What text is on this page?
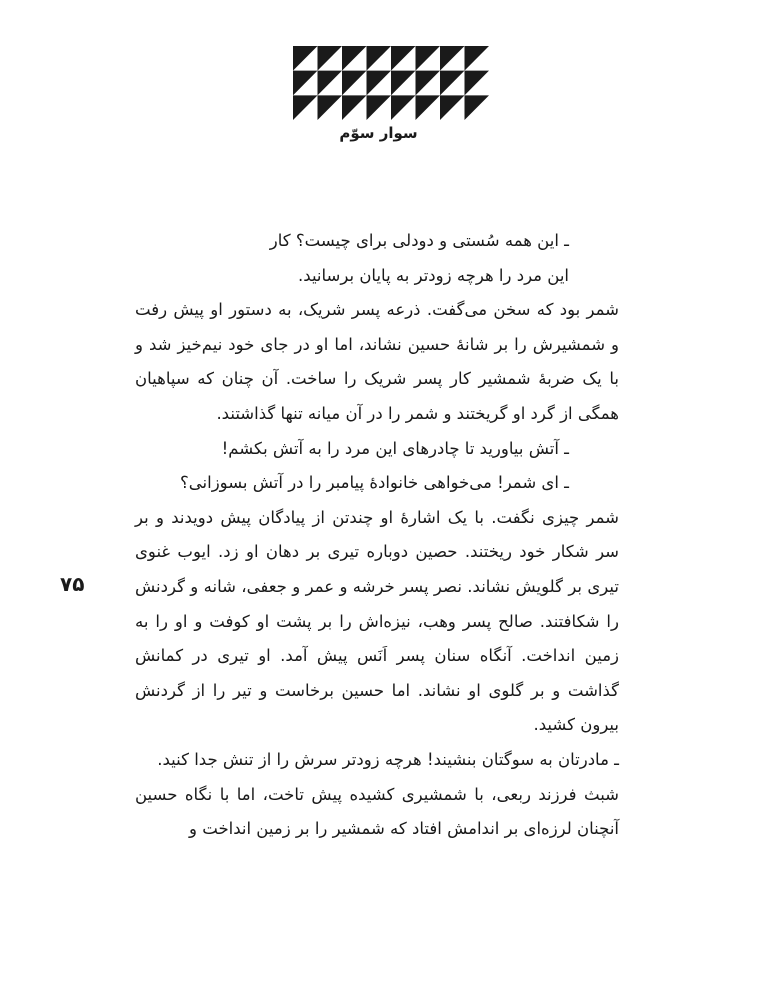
سوار سوّم

ـ این همه سُستی و دودلی برای چیست؟ کار

این مرد را هرچه زودتر به پایان برسانید.

شمر بود که سخن می‌گفت. ذرعه پسر شریک، به دستور او پیش رفت و شمشیرش را بر شانهٔ حسین نشاند، اما او در جای خود نیم‌خیز شد و با یک ضربهٔ شمشیر کار پسر شریک را ساخت. آن چنان که سپاهیان همگی از گرد او گریختند و شمر را در آن میانه تنها گذاشتند.

ـ آتش بیاورید تا چادرهای این مرد را به آتش بکشم!

ـ ای شمر! می‌خواهی خانوادهٔ پیامبر را در آتش بسوزانی؟

شمر چیزی نگفت. با یک اشارهٔ او چندتن از پیادگان پیش دویدند و بر سر شکار خود ریختند. حصین دوباره تیری بر دهان او زد. ایوب غنوی تیری بر گلویش نشاند. نصر پسر خرشه و عمر و جعفی، شانه و گردنش را شکافتند. صالح پسر وهب، نیزه‌اش را بر پشت او کوفت و او را به زمین انداخت. آنگاه سنان پسر اَنَس پیش آمد. او تیری در کمانش گذاشت و بر گلوی او نشاند. اما حسین برخاست و تیر را از گردنش بیرون کشید.

ـ مادرتان به سوگتان بنشیند! هرچه زودتر سرش را از تنش جدا کنید.

شبث فرزند ربعی، با شمشیری کشیده پیش تاخت، اما با نگاه حسین آنچنان لرزه‌ای بر اندامش افتاد که شمشیر را بر زمین انداخت و

۷۵
